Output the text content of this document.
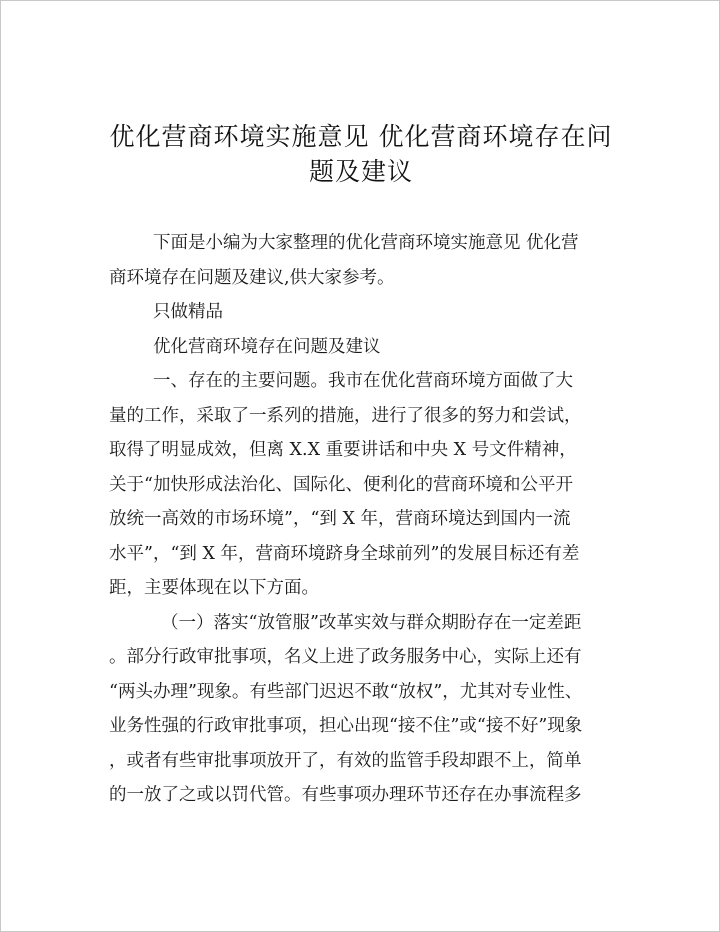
优化营商环境实施意见 优化营商环境存在问
题及建议

下面是小编为大家整理的优化营商环境实施意见 优化营

商环境存在问题及建议,供大家参考。

只做精品

优化营商环境存在问题及建议

一、存在的主要问题。我市在优化营商环境方面做了大

量的工作，采取了一系列的措施，进行了很多的努力和尝试，

取得了明显成效，但离 X.X 重要讲话和中央 X 号文件精神，

关于“加快形成法治化、国际化、便利化的营商环境和公平开

放统一高效的市场环境”，“到 X 年，营商环境达到国内一流

水平”，“到 X 年，营商环境跻身全球前列”的发展目标还有差

距，主要体现在以下方面。

（一）落实“放管服”改革实效与群众期盼存在一定差距

。部分行政审批事项，名义上进了政务服务中心，实际上还有

“两头办理”现象。有些部门迟迟不敢“放权”，尤其对专业性、

业务性强的行政审批事项，担心出现“接不住”或“接不好”现象

，或者有些审批事项放开了，有效的监管手段却跟不上，简单

的一放了之或以罚代管。有些事项办理环节还存在办事流程多
